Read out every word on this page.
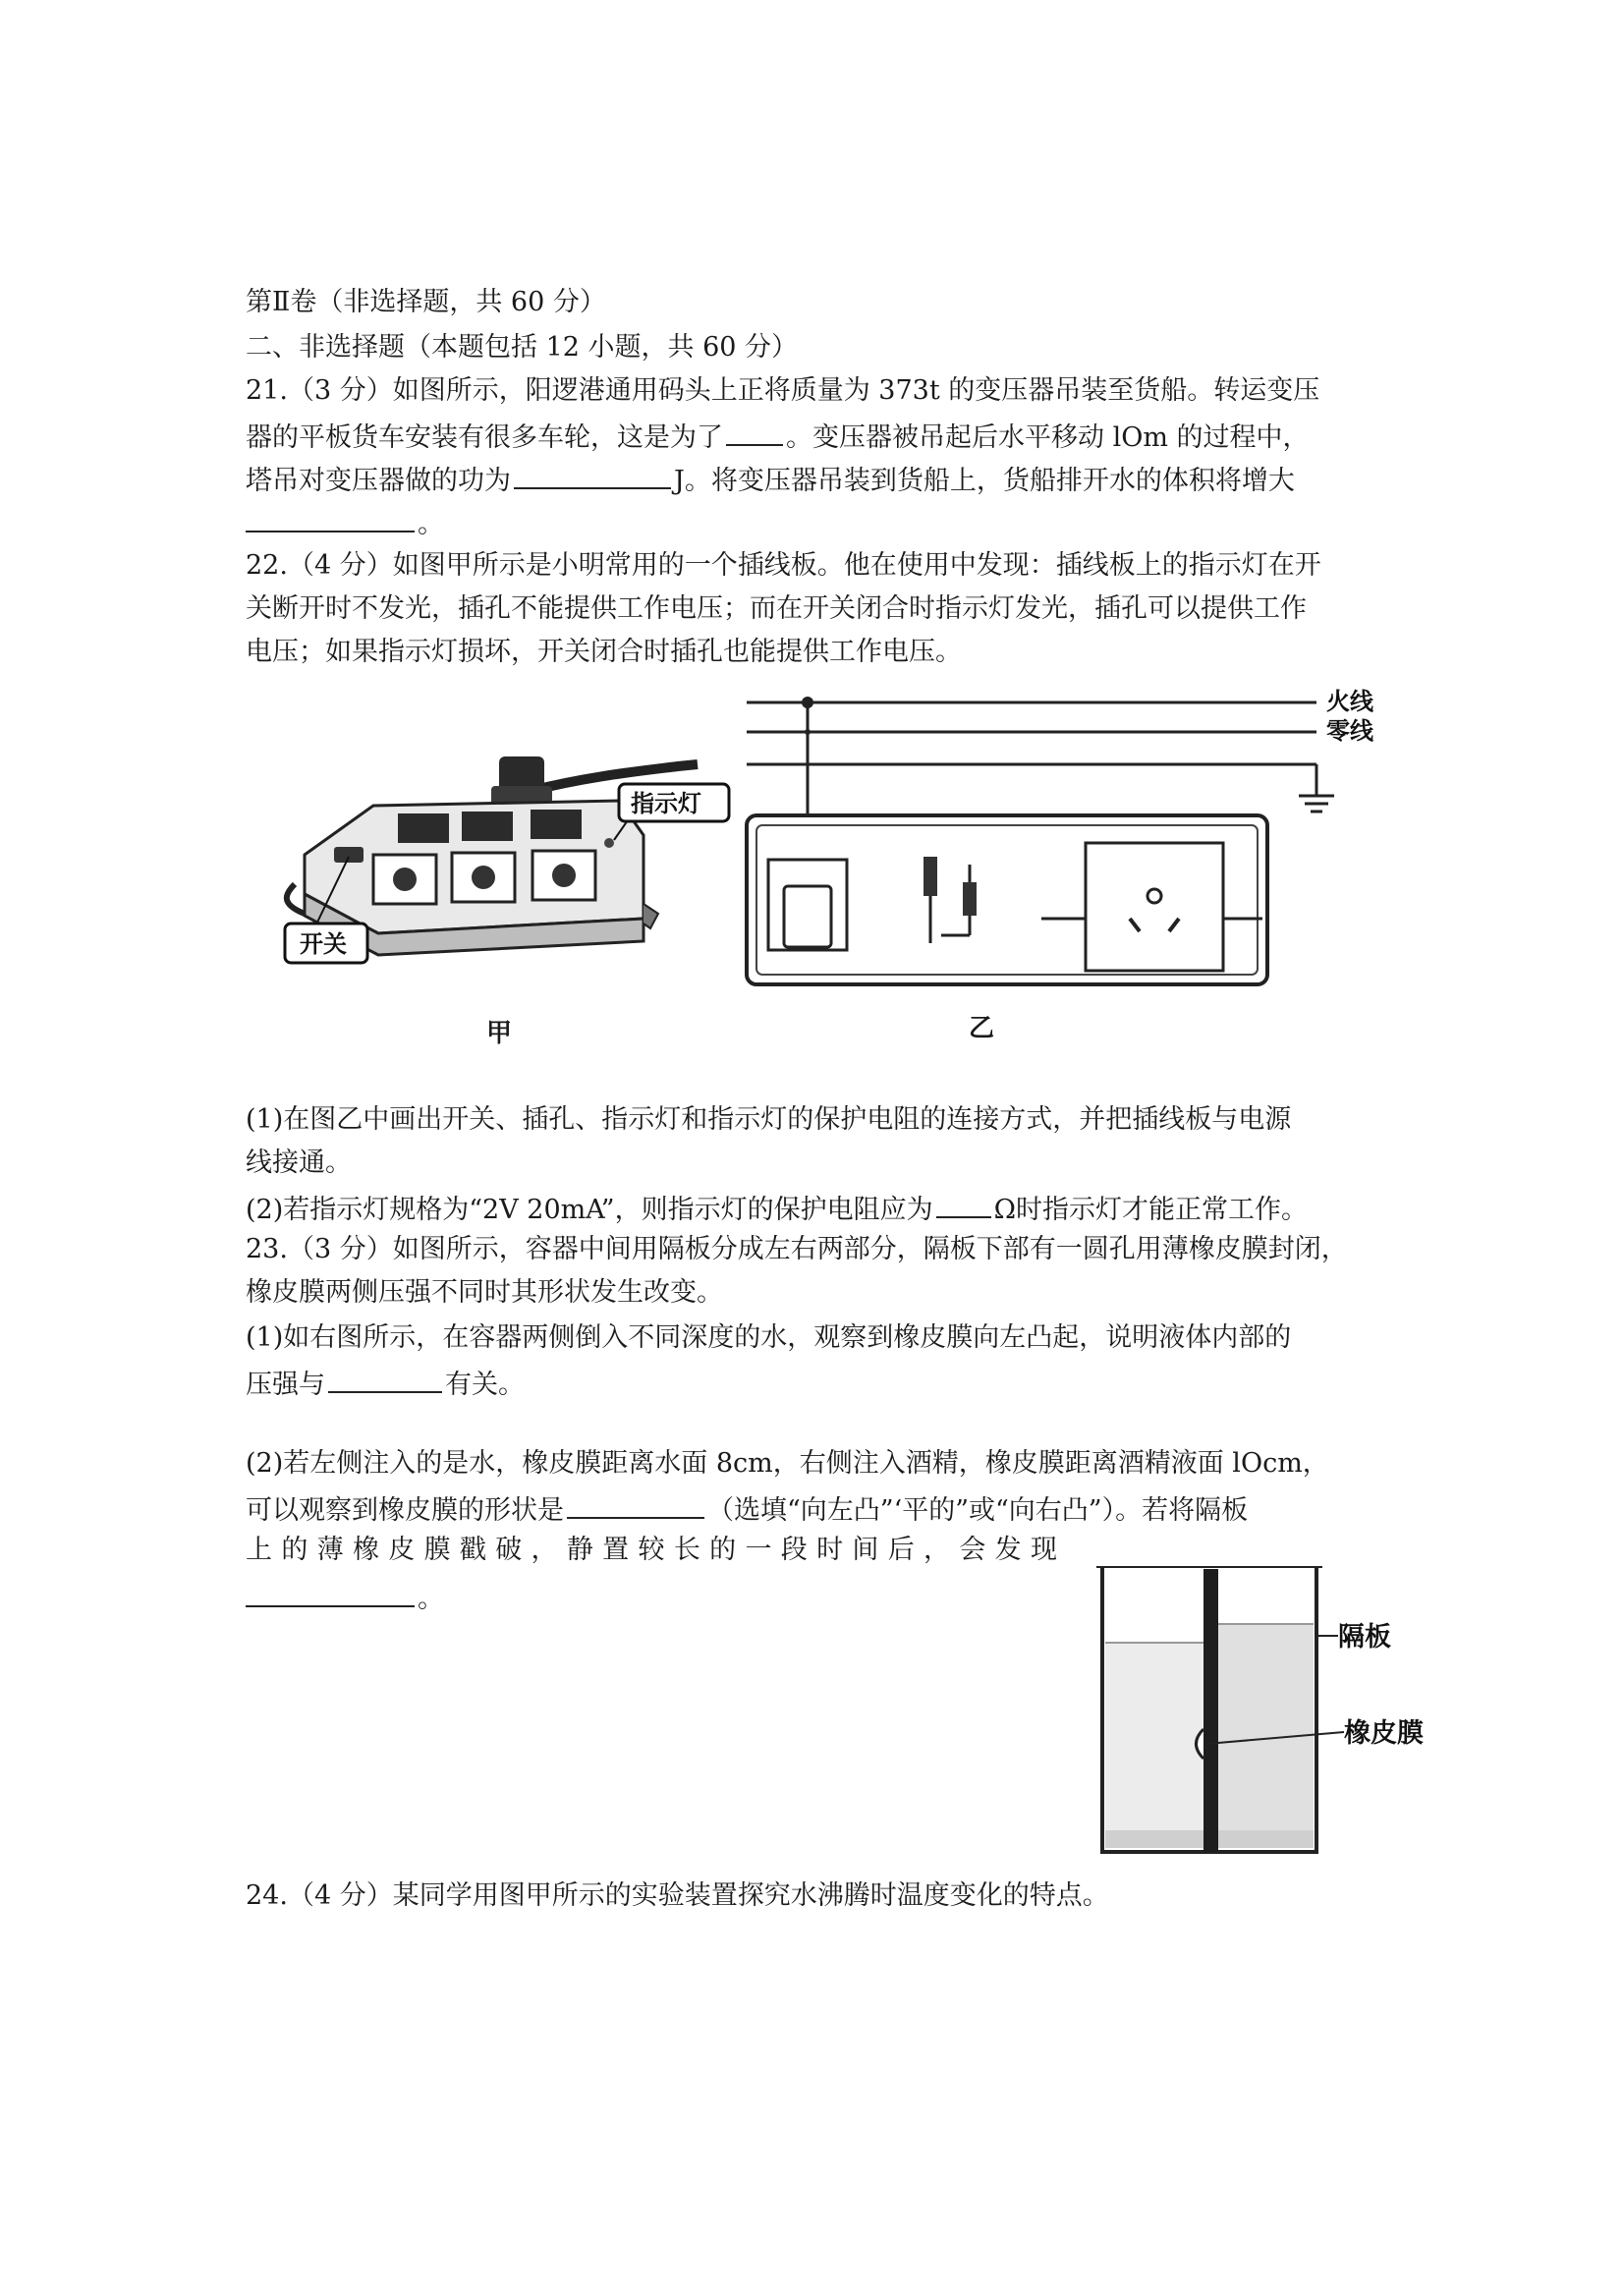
第Ⅱ卷（非选择题，共 60 分）
二、非选择题（本题包括 12 小题，共 60 分）
21.（3 分）如图所示，阳逻港通用码头上正将质量为 373t 的变压器吊装至货船。转运变压
器的平板货车安装有很多车轮，这是为了 。变压器被吊起后水平移动 lOm 的过程中，
塔吊对变压器做的功为	J。将变压器吊装到货船上，货船排开水的体积将增大
。
22.（4 分）如图甲所示是小明常用的一个插线板。他在使用中发现：插线板上的指示灯在开
关断开时不发光，插孔不能提供工作电压；而在开关闭合时指示灯发光，插孔可以提供工作
电压；如果指示灯损坏，开关闭合时插孔也能提供工作电压。
指示灯
开关
甲
火线
零线
乙
(1)在图乙中画出开关、插孔、指示灯和指示灯的保护电阻的连接方式，并把插线板与电源
线接通。
(2)若指示灯规格为“2V 20mA”，则指示灯的保护电阻应为 Ω时指示灯才能正常工作。
23.（3 分）如图所示，容器中间用隔板分成左右两部分，隔板下部有一圆孔用薄橡皮膜封闭，
橡皮膜两侧压强不同时其形状发生改变。
(1)如右图所示，在容器两侧倒入不同深度的水，观察到橡皮膜向左凸起，说明液体内部的
压强与	有关。
(2)若左侧注入的是水，橡皮膜距离水面 8cm，右侧注入酒精，橡皮膜距离酒精液面 lOcm，
可以观察到橡皮膜的形状是	（选填“向左凸”‘平的”或“向右凸”）。若将隔板
上的薄橡皮膜戳破，静置较长的一段时间后，会发现
。
隔板
橡皮膜
24.（4 分）某同学用图甲所示的实验装置探究水沸腾时温度变化的特点。
